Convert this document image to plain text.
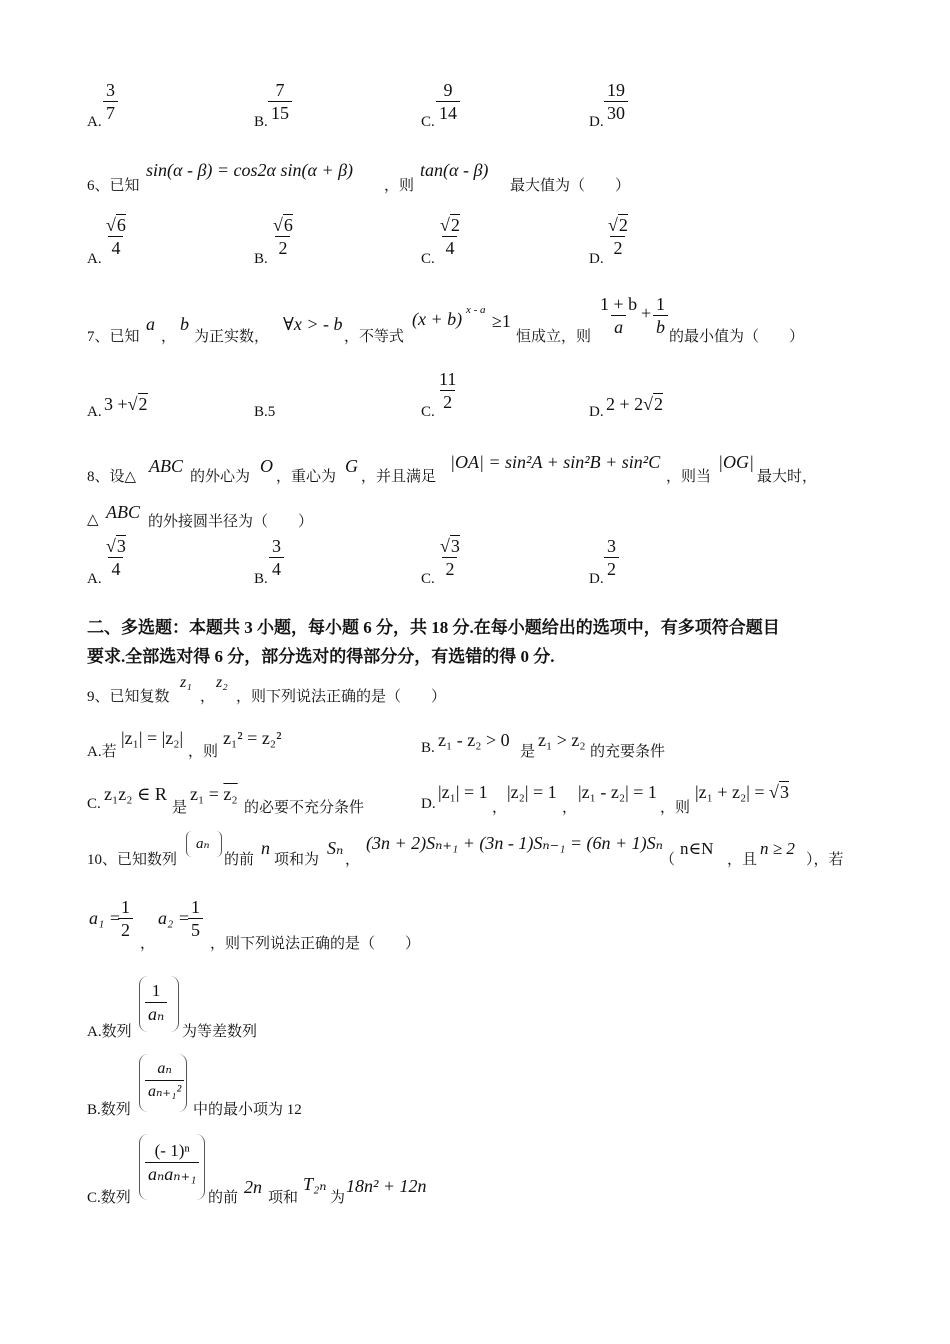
A. $\frac{3}{7}$	B. $\frac{7}{15}$	C. $\frac{9}{14}$	D. $\frac{19}{30}$
6、已知
sin(α - β) = cos2α sin(α + β)
，则
tan(α - β)
最大值为（　　）
A. $\frac{√6}{4}$	B. $\frac{√6}{2}$	C. $\frac{√2}{4}$	D. $\frac{√2}{2}$
7、已知
a
，
b
为正实数，
∀x > - b
，不等式
(x + b) x - a
≥1
恒成立，则 $\frac{1 + b}{a} + \frac{1}{b}$ 的最小值为（　　）
A. 3 +√2	B.5	C. $\frac{11}{2}$	D. 2 + 2√2
8、设△
ABC
的外心为
O
，重心为
G
，并且满足
|OA| = sin²A + sin²B + sin²C
，则当
|OG|
最大时，
△ ABC 的外接圆半径为（　　）
A. $\frac{√3}{4}$	B. $\frac{3}{4}$	C. $\frac{√3}{2}$	D. $\frac{3}{2}$
二、多选题：本题共 3 小题，每小题 6 分，共 18 分.在每小题给出的选项中，有多项符合题目
要求.全部选对得 6 分，部分选对的得部分分，有选错的得 0 分.
9、已知复数
z₁
，
z₂
，则下列说法正确的是（　　）
A.若
|z₁| = |z₂|
，则
z₁² = z₂²	B. z₁ - z₂ > 0
是
z₁ > z₂
的充要条件
C. z₁z₂ ∈ R
是
z₁ = z₂
的必要不充分条件	D.
|z₁| = 1
，
|z₂| = 1
，
|z₁ - z₂| = 1
，则
|z₁ + z₂| = √3
10、已知数列
aₙ
的前
n
项和为
Sₙ
，
(3n + 2)Sₙ₊₁ + (3n - 1)Sₙ₋₁ = (6n + 1)Sₙ
（
n∈N
，且
n ≥ 2
），若
a₁ =
$\frac{1}{2}$
，
a₂ =
$\frac{1}{5}$
，则下列说法正确的是（　　）
A.数列
$\frac{1}{\text{aₙ}}$
为等差数列
B.数列
$\frac{\text{aₙ}}{\text{aₙ₊₁²}}$
中的最小项为 12
C.数列
(- 1)ⁿ
aₙaₙ₊₁
的前
2n
项和
T₂ₙ
为
18n² + 12n
